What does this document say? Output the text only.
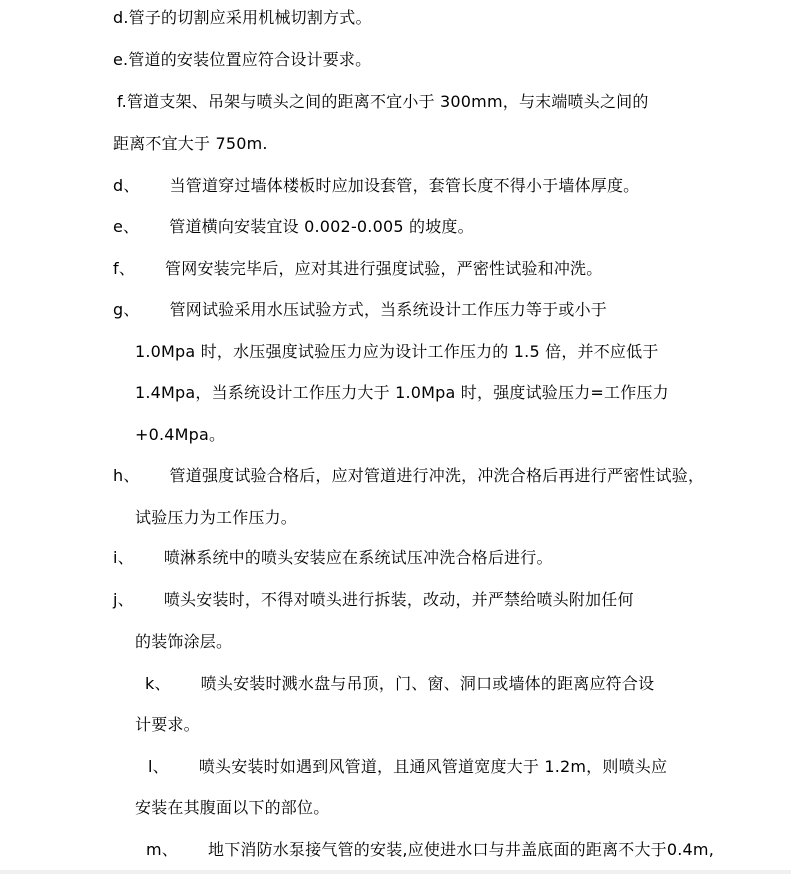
d.管子的切割应采用机械切割方式。
e.管道的安装位置应符合设计要求。
f.管道支架、吊架与喷头之间的距离不宜小于 300mm，与末端喷头之间的
距离不宜大于 750m.
d、 当管道穿过墙体楼板时应加设套管，套管长度不得小于墙体厚度。
e、 管道横向安装宜设 0.002-0.005 的坡度。
f、 管网安装完毕后，应对其进行强度试验，严密性试验和冲洗。
g、 管网试验采用水压试验方式，当系统设计工作压力等于或小于
1.0Mpa 时，水压强度试验压力应为设计工作压力的 1.5 倍，并不应低于
1.4Mpa，当系统设计工作压力大于 1.0Mpa 时，强度试验压力=工作压力
+0.4Mpa。
h、 管道强度试验合格后，应对管道进行冲洗，冲洗合格后再进行严密性试验，
试验压力为工作压力。
i、 喷淋系统中的喷头安装应在系统试压冲洗合格后进行。
j、 喷头安装时，不得对喷头进行拆装，改动，并严禁给喷头附加任何
的装饰涂层。
k、 喷头安装时溅水盘与吊顶，门、窗、洞口或墙体的距离应符合设
计要求。
l、 喷头安装时如遇到风管道，且通风管道宽度大于 1.2m，则喷头应
安装在其腹面以下的部位。
m、 地下消防水泵接气管的安装,应使进水口与井盖底面的距离不大于0.4m,
